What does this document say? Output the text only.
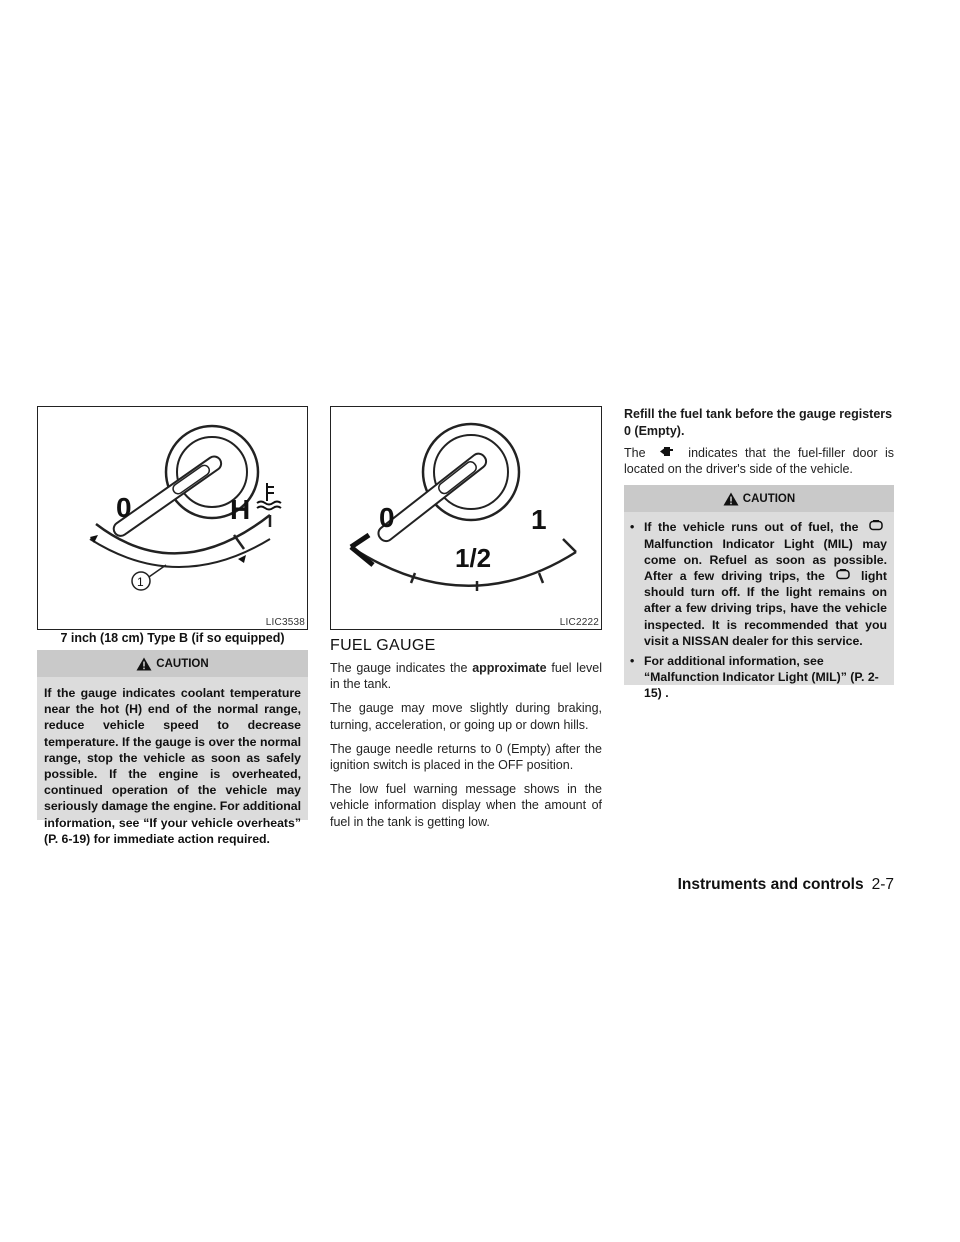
0	H
1
LIC3538
7 inch (18 cm) Type B (if so equipped)
CAUTION
If the gauge indicates coolant temperature near the hot (H) end of the normal range, reduce vehicle speed to decrease temperature. If the gauge is over the normal range, stop the vehicle as soon as safely possible. If the engine is overheated, continued operation of the vehicle may seriously damage the engine. For additional information, see “If your vehicle overheats” (P. 6-19) for immediate action required.
0	1
1/2
LIC2222
FUEL GAUGE

The gauge indicates the approximate fuel level in the tank.

The gauge may move slightly during braking, turning, acceleration, or going up or down hills.

The gauge needle returns to 0 (Empty) after the ignition switch is placed in the OFF position.

The low fuel warning message shows in the vehicle information display when the amount of fuel in the tank is getting low.

Refill the fuel tank before the gauge registers 0 (Empty).

The	indicates that the fuel-filler door is located on the driver's side of the vehicle.

CAUTION
• If the vehicle runs out of fuel, the  Malfunction Indicator Light (MIL) may come on. Refuel as soon as possible. After a few driving trips, the	light should turn off. If the light remains on after a few driving trips, have the vehicle inspected. It is recommended that you visit a NISSAN dealer for this service.
• For additional information, see “Malfunction Indicator Light (MIL)” (P. 2-15) .
Instruments and controls 2-7
